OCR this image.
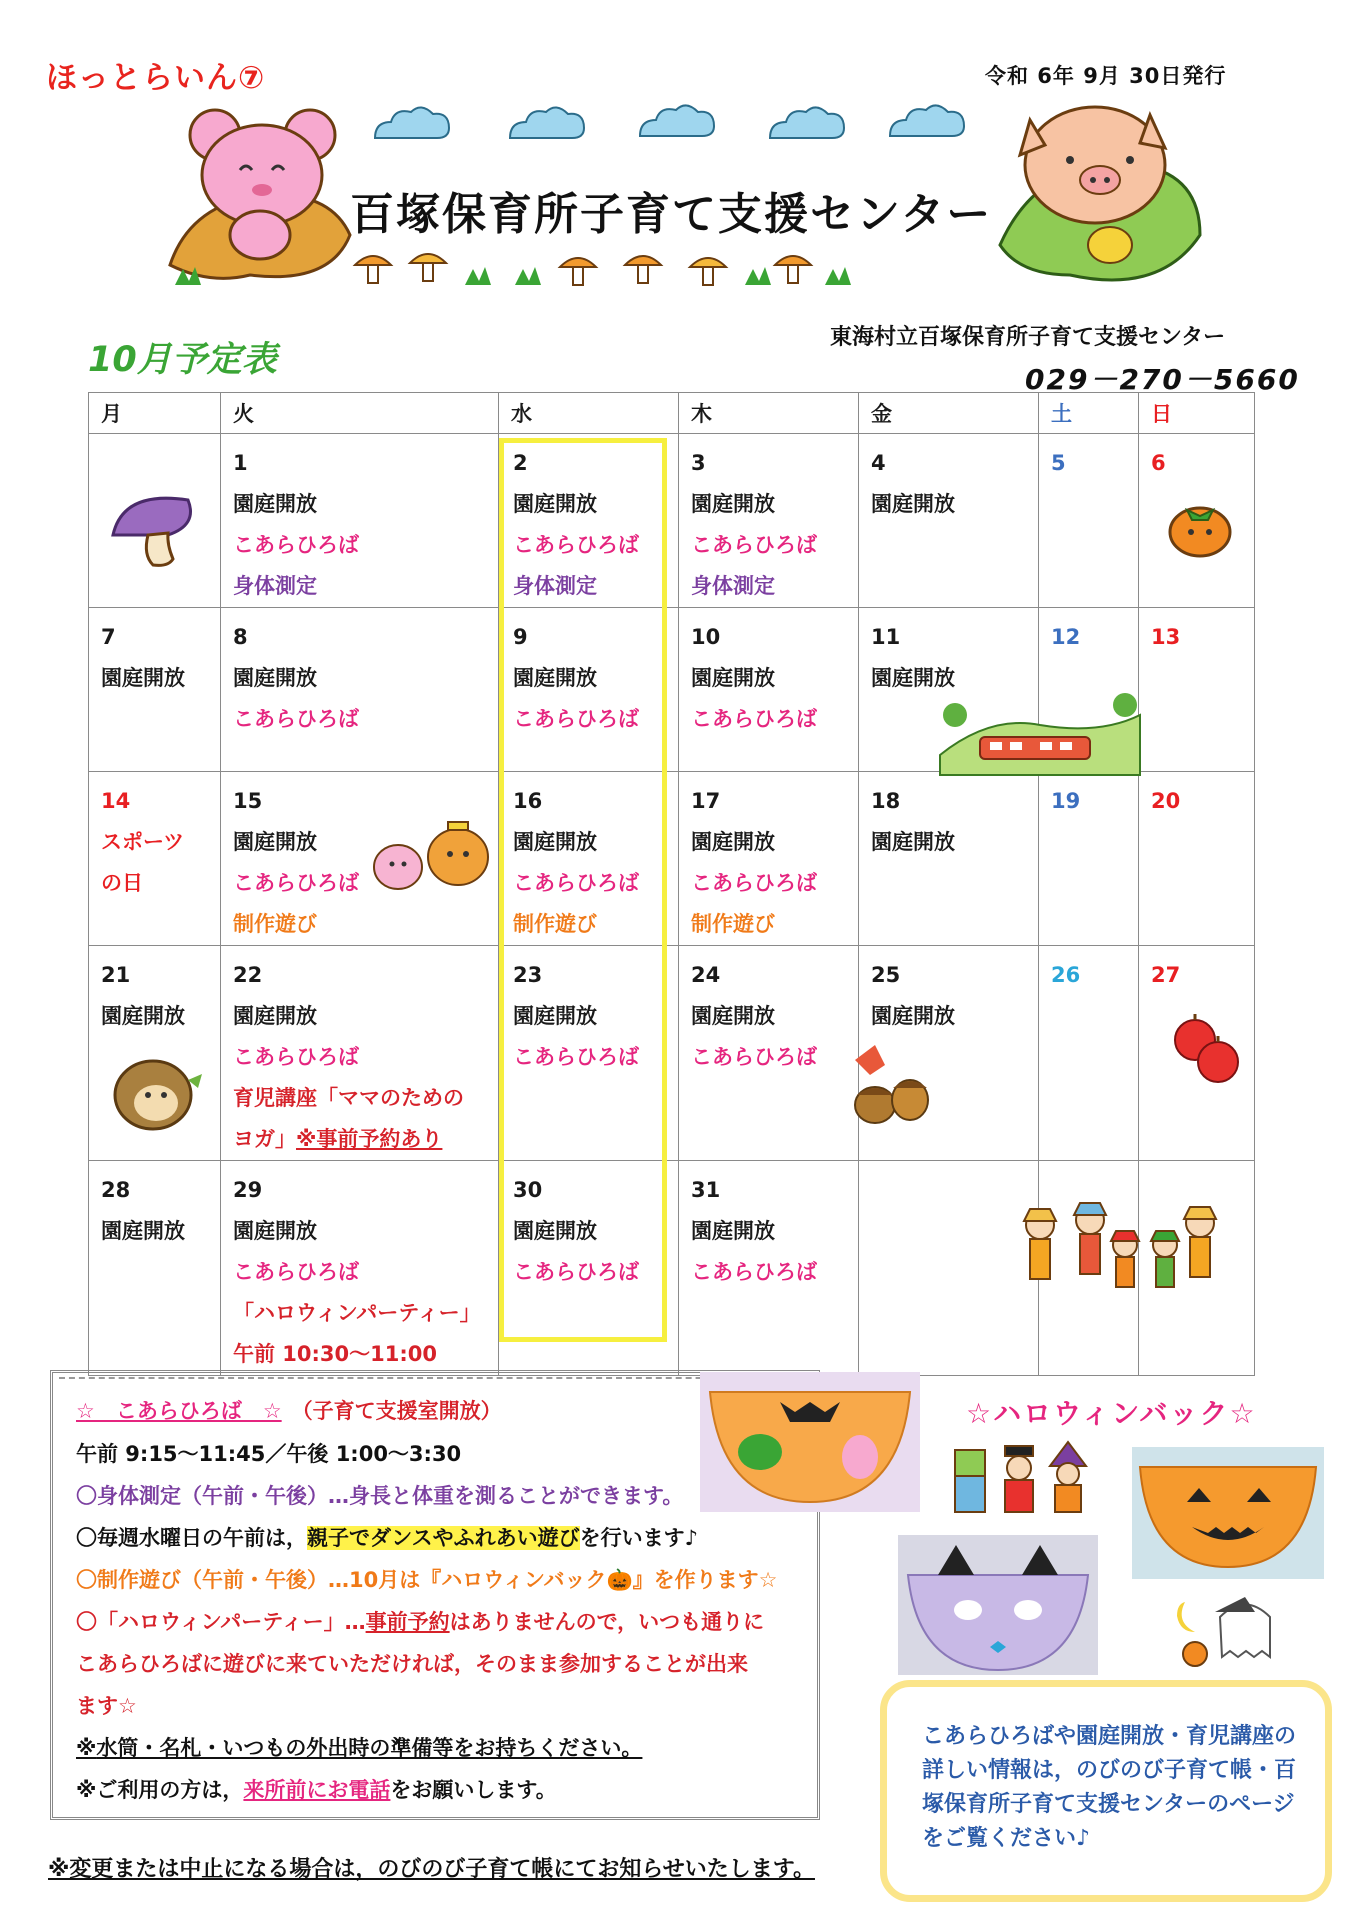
ほっとらいん⑦	令和 6年 9月 30日発行
百塚保育所子育て支援センター
10月予定表
東海村立百塚保育所子育て支援センター
029－270－5660
月	火	水	木	金	土	日

	1
園庭開放
こあらひろば
身体測定	2
園庭開放
こあらひろば
身体測定	3
園庭開放
こあらひろば
身体測定	4
園庭開放	5	6

7
園庭開放	8
園庭開放
こあらひろば	9
園庭開放
こあらひろば	10
園庭開放
こあらひろば	11
園庭開放	12	13

14
スポーツ
の日	15
園庭開放
こあらひろば
制作遊び	16
園庭開放
こあらひろば
制作遊び	17
園庭開放
こあらひろば
制作遊び	18
園庭開放	19	20

21
園庭開放	22
園庭開放
こあらひろば
育児講座「ママのための
ヨガ」※事前予約あり	23
園庭開放
こあらひろば	24
園庭開放
こあらひろば	25
園庭開放	26	27

28
園庭開放	29
園庭開放
こあらひろば
「ハロウィンパーティー」
午前 10:30～11:00	30
園庭開放
こあらひろば	31
園庭開放
こあらひろば			

☆　こあらひろば　☆ （子育て支援室開放）
午前 9:15～11:45／午後 1:00～3:30
〇身体測定（午前・午後）…身長と体重を測ることができます。
〇毎週水曜日の午前は，親子でダンスやふれあい遊びを行います♪
〇制作遊び（午前・午後）…10月は『ハロウィンバック🎃』を作ります☆
〇「ハロウィンパーティー」…事前予約はありませんので，いつも通りに
こあらひろばに遊びに来ていただければ，そのまま参加することが出来
ます☆
※水筒・名札・いつもの外出時の準備等をお持ちください。
※ご利用の方は，来所前にお電話をお願いします。
※変更または中止になる場合は，のびのび子育て帳にてお知らせいたします。
☆ハロウィンバック☆
こあらひろばや園庭開放・育児講座の詳しい情報は，のびのび子育て帳・百塚保育所子育て支援センターのページをご覧ください♪
